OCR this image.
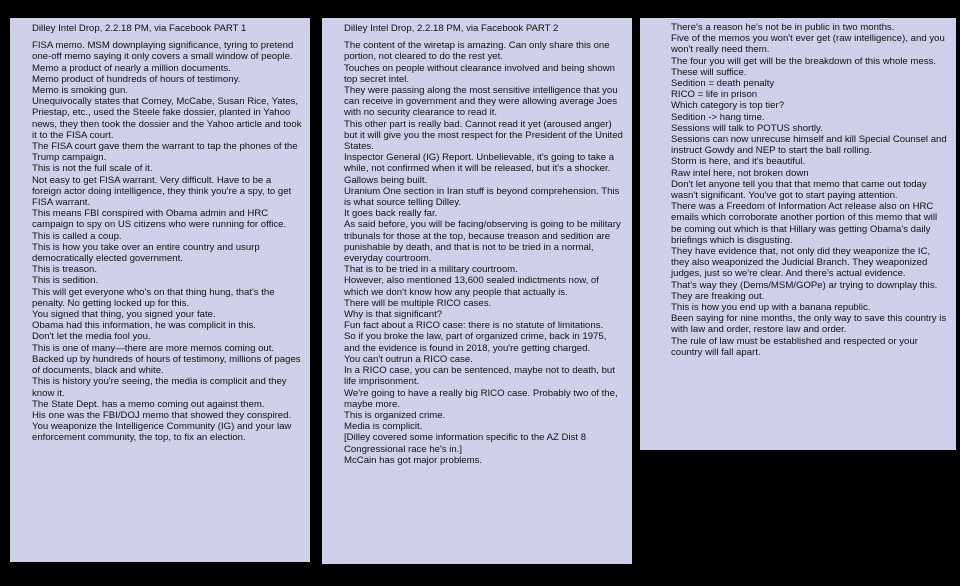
Dilley Intel Drop, 2.2.18 PM, via Facebook PART 1

FISA memo. MSM downplaying significance, tyring to pretend one-off memo saying it only covers a small window of people.

Memo a product of nearly a million documents.

Memo product of hundreds of hours of testimony.

Memo is smoking gun.

Unequivocally states that Comey, McCabe, Susan Rice, Yates, Priestap, etc., used the Steele fake dossier, planted in Yahoo news, they then took the dossier and the Yahoo article and took it to the FISA court.

The FISA court gave them the warrant to tap the phones of the Trump campaign.

This is not the full scale of it.

Not easy to get FISA warrant. Very difficult. Have to be a foreign actor doing intelligence, they think you're a spy, to get FISA warrant.

This means FBI conspired with Obama admin and HRC campaign to spy on US citizens who were running for office.

This is called a coup.

This is how you take over an entire country and usurp democratically elected government.

This is treason.

This is sedition.

This will get everyone who's on that thing hung, that's the penalty. No getting locked up for this.

You signed that thing, you signed your fate.

Obama had this information, he was complicit in this.

Don't let the media fool you.

This is one of many—there are more memos coming out.

Backed up by hundreds of hours of testimony, millions of pages of documents, black and white.

This is history you're seeing, the media is complicit and they know it.

The State Dept. has a memo coming out against them.

His one was the FBI/DOJ memo that showed they conspired.

You weaponize the Intelligence Community (IG) and your law enforcement community, the top, to fix an election.

Dilley Intel Drop, 2.2.18 PM, via Facebook PART 2

The content of the wiretap is amazing. Can only share this one portion, not cleared to do the rest yet.

Touches on people without clearance involved and being shown top secret intel.

They were passing along the most sensitive intelligence that you can receive in government and they were allowing average Joes with no security clearance to read it.

This other part is really bad. Cannot read it yet (aroused anger) but it will give you the most respect for the President of the United States.

Inspector General (IG) Report. Unbelievable, it's going to take a while, not confirmed when it will be released, but it's a shocker. Gallows being built.

Uranium One section in Iran stuff is beyond comprehension. This is what source telling Dilley.

It goes back really far.

As said before, you will be facing/observing is going to be military tribunals for those at the top, because treason and sedition are punishable by death, and that is not to be tried in a normal, everyday courtroom.

That is to be tried in a military courtroom.

However, also mentioned 13,600 sealed indictments now, of which we don't know how any people that actually is.

There will be multiple RICO cases.

Why is that significant?

Fun fact about a RICO case: there is no statute of limitations.

So if you broke the law, part of organized crime, back in 1975, and the evidence is found in 2018, you're getting charged.

You can't outrun a RICO case.

In a RICO case, you can be sentenced, maybe not to death, but life imprisonment.

We're going to have a really big RICO case. Probably two of the, maybe more.

This is organized crime.

Media is complicit.

[Dilley covered some information specific to the AZ Dist 8 Congressional race he's in.]

McCain has got major problems.

There's a reason he's not be in public in two months.

Five of the memos you won't ever get (raw intelligence), and you won't really need them.

The four you will get will be the breakdown of this whole mess. These will suffice.

Sedition = death penalty

RICO = life in prison

Which category is top tier?

Sedition -> hang time.

Sessions will talk to POTUS shortly.

Sessions can now unrecuse himself and kill Special Counsel and instruct Gowdy and NEP to start the ball rolling.

Storm is here, and it's beautiful.

Raw intel here, not broken down

Don't let anyone tell you that that memo that came out today wasn't significant. You've got to start paying attention.

There was a Freedom of Information Act release also on HRC emails which corroborate another portion of this memo that will be coming out which is that Hillary was getting Obama's daily briefings which is disgusting.

They have evidence that, not only did they weaponize the IC, they also weaponized the Judicial Branch. They weaponized judges, just so we're clear. And there's actual evidence.

That's way they (Dems/MSM/GOPe) ar trying to downplay this. They are freaking out.

This is how you end up with a banana republic.

Been saying for nine months, the only way to save this country is with law and order, restore law and order.

The rule of law must be established and respected or your country will fall apart.
